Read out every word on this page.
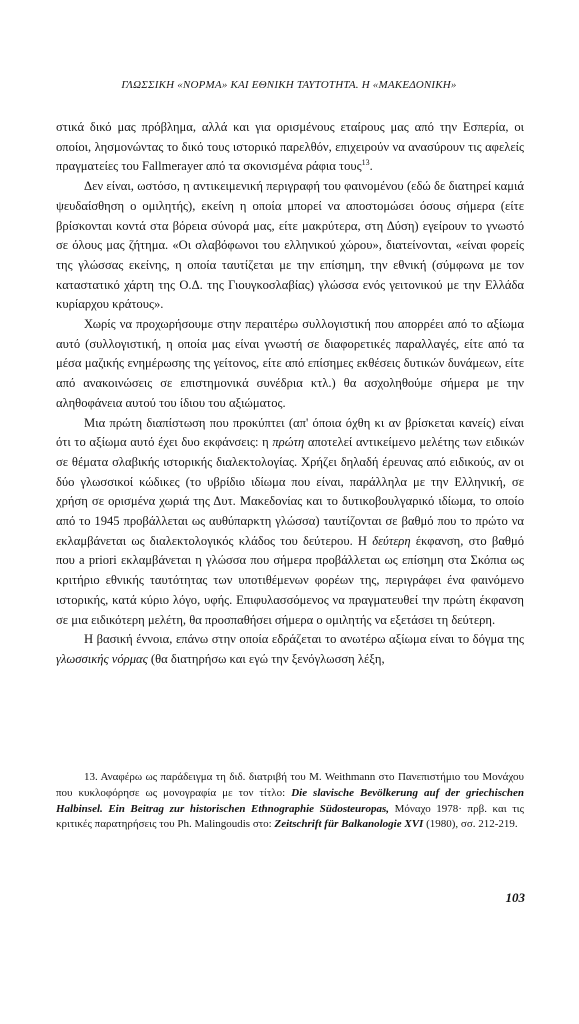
ΓΛΩΣΣΙΚΗ «ΝΟΡΜΑ» ΚΑΙ ΕΘΝΙΚΗ ΤΑΥΤΟΤΗΤΑ. Η «ΜΑΚΕΔΟΝΙΚΗ»

στικά δικό μας πρόβλημα, αλλά και για ορισμένους εταίρους μας από την Εσπερία, οι οποίοι, λησμονώντας το δικό τους ιστορικό παρελθόν, επιχειρούν να ανασύρουν τις αφελείς πραγματείες του Fallmerayer από τα σκονισμένα ράφια τους$^{13}$.

Δεν είναι, ωστόσο, η αντικειμενική περιγραφή του φαινομένου (εδώ δε διατηρεί καμιά ψευδαίσθηση ο ομιλητής), εκείνη η οποία μπορεί να αποστομώσει όσους σήμερα (είτε βρίσκονται κοντά στα βόρεια σύνορά μας, είτε μακρύτερα, στη Δύση) εγείρουν το γνωστό σε όλους μας ζήτημα. «Οι σλαβόφωνοι του ελληνικού χώρου», διατείνονται, «είναι φορείς της γλώσσας εκείνης, η οποία ταυτίζεται με την επίσημη, την εθνική (σύμφωνα με τον καταστατικό χάρτη της Ο.Δ. της Γιουγκοσλαβίας) γλώσσα ενός γειτονικού με την Ελλάδα κυρίαρχου κράτους».

Χωρίς να προχωρήσουμε στην περαιτέρω συλλογιστική που απορρέει από το αξίωμα αυτό (συλλογιστική, η οποία μας είναι γνωστή σε διαφορετικές παραλλαγές, είτε από τα μέσα μαζικής ενημέρωσης της γείτονος, είτε από επίσημες εκθέσεις δυτικών δυνάμεων, είτε από ανακοινώσεις σε επιστημονικά συνέδρια κτλ.) θα ασχοληθούμε σήμερα με την αληθοφάνεια αυτού του ίδιου του αξιώματος.

Μια πρώτη διαπίστωση που προκύπτει (απ' όποια όχθη κι αν βρίσκεται κανείς) είναι ότι το αξίωμα αυτό έχει δυο εκφάνσεις: η πρώτη αποτελεί αντικείμενο μελέτης των ειδικών σε θέματα σλαβικής ιστορικής διαλεκτολογίας. Χρήζει δηλαδή έρευνας από ειδικούς, αν οι δύο γλωσσικοί κώδικες (το υβρίδιο ιδίωμα που είναι, παράλληλα με την Ελληνική, σε χρήση σε ορισμένα χωριά της Δυτ. Μακεδονίας και το δυτικοβουλγαρικό ιδίωμα, το οποίο από το 1945 προβάλλεται ως αυθύπαρκτη γλώσσα) ταυτίζονται σε βαθμό που το πρώτο να εκλαμβάνεται ως διαλεκτολογικός κλάδος του δεύτερου. Η δεύτερη έκφανση, στο βαθμό που a priori εκλαμβάνεται η γλώσσα που σήμερα προβάλλεται ως επίσημη στα Σκόπια ως κριτήριο εθνικής ταυτότητας των υποτιθέμενων φορέων της, περιγράφει ένα φαινόμενο ιστορικής, κατά κύριο λόγο, υφής. Επιφυλασσόμενος να πραγματευθεί την πρώτη έκφανση σε μια ειδικότερη μελέτη, θα προσπαθήσει σήμερα ο ομιλητής να εξετάσει τη δεύτερη.

Η βασική έννοια, επάνω στην οποία εδράζεται το ανωτέρω αξίωμα είναι το δόγμα της γλωσσικής νόρμας (θα διατηρήσω και εγώ την ξενόγλωσση λέξη,

13. Αναφέρω ως παράδειγμα τη διδ. διατριβή του M. Weithmann στο Πανεπιστήμιο του Μονάχου που κυκλοφόρησε ως μονογραφία με τον τίτλο: Die slavische Bevölkerung auf der griechischen Halbinsel. Ein Beitrag zur historischen Ethnographie Südosteuropas, Μόναχο 1978· πρβ. και τις κριτικές παρατηρήσεις του Ph. Malingoudis στο: Zeitschrift für Balkanologie XVI (1980), σσ. 212-219.

103
